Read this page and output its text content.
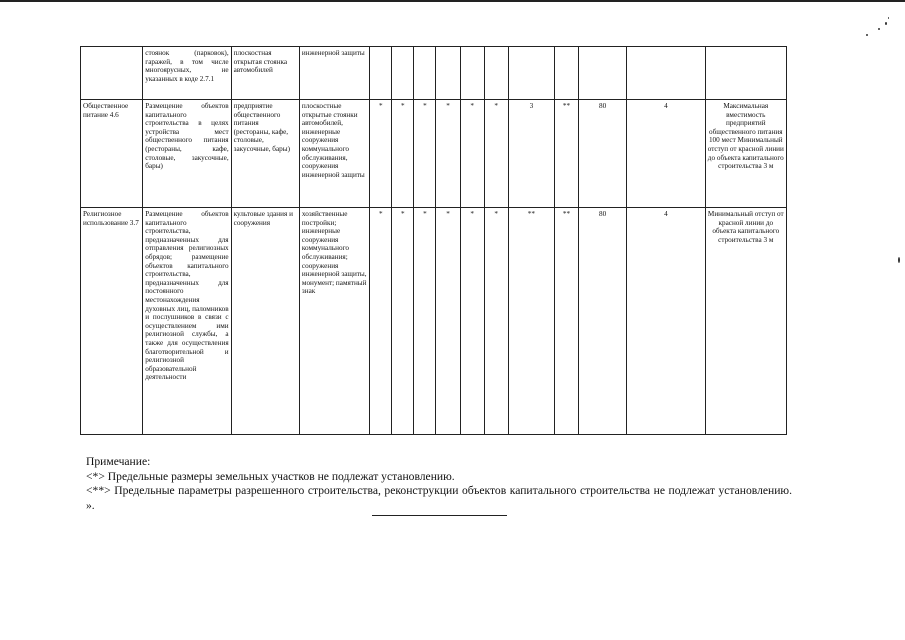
	стоянок (парковок), гаражей, в том числе многоярусных, не указанных в коде 2.7.1	плоскостная открытая стоянка автомобилей	инженерной защиты											
Общественное питание 4.6	Размещение объектов капитального строительства в целях устройства мест общественного питания (рестораны, кафе, столовые, закусочные, бары)	предприятие общественного питания (рестораны, кафе, столовые, закусочные, бары)	плоскостные открытые стоянки автомобилей, инженерные сооружения коммунального обслуживания, сооружения инженерной защиты	*	*	*	*	*	*	3	**	80	4	Максимальная вместимость предприятий общественного питания 100 мест Минимальный отступ от красной линии до объекта капитального строительства 3 м
Религиозное использование 3.7	Размещение объектов капитального строительства, предназначенных для отправления религиозных обрядов; размещение объектов капитального строительства, предназначенных для постоянного местонахождения духовных лиц, паломников и послушников в связи с осуществлением ими религиозной службы, а также для осуществления благотворительной и религиозной образовательной деятельности	культовые здания и сооружения	хозяйственные постройки; инженерные сооружения коммунального обслуживания; сооружения инженерной защиты, монумент; памятный знак	*	*	*	*	*	*	**	**	80	4	Минимальный отступ от красной линии до объекта капитального строительства 3 м
Примечание:
<*> Предельные размеры земельных участков не подлежат установлению.
<**> Предельные параметры разрешенного строительства, реконструкции объектов капитального строительства не подлежат установлению. ».
